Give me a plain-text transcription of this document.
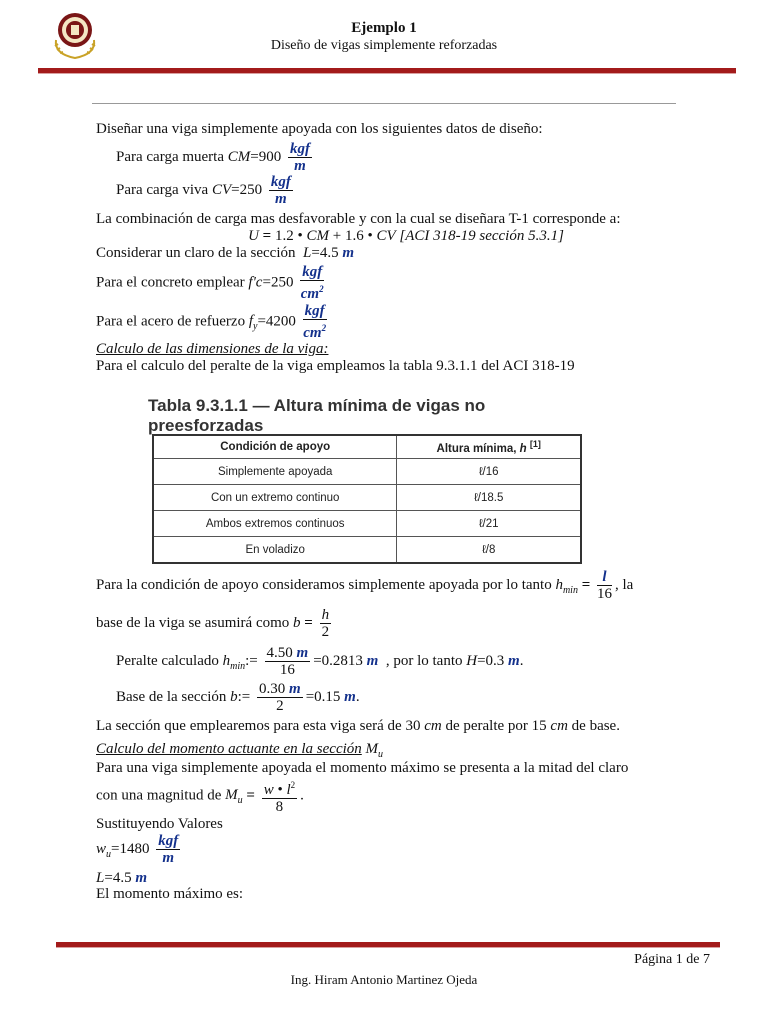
Ejemplo 1
Diseño de vigas simplemente reforzadas
Diseñar una viga simplemente apoyada con los siguientes datos de diseño:
Para carga muerta $CM=900 \frac{\text{kgf}}{m}$
Para carga viva $CV=250 \frac{\text{kgf}}{m}$
La combinación de carga mas desfavorable y con la cual se diseñara T-1 corresponde a:
U = 1.2 • CM + 1.6 • CV [ACI 318-19 sección 5.3.1]
Considerar un claro de la sección L=4.5 m
Para el concreto emplear $f'c=250 \frac{\text{kgf}}{cm^2}$
Para el acero de refuerzo $f_y=4200 \frac{\text{kgf}}{cm^2}$
Calculo de las dimensiones de la viga:
Para el calculo del peralte de la viga empleamos la tabla 9.3.1.1 del ACI 318-19
Tabla 9.3.1.1 — Altura mínima de vigas no
preesforzadas
Condición de apoyo	Altura mínima, h [1]
Simplemente apoyada	ℓ/16
Con un extremo continuo	ℓ/18.5
Ambos extremos continuos	ℓ/21
En voladizo	ℓ/8
Para la condición de apoyo consideramos simplemente apoyada por lo tanto $h_{min} = \frac{l}{16}$ , la
base de la viga se asumirá como $b = \frac{h}{2}$
Peralte calculado $h_{min}:= \frac{4.50 m}{16} =0.2813$ m , por lo tanto H=0.3 m.
Base de la sección b:= $\frac{0.30 m}{2} =0.15$ m.
La sección que emplearemos para esta viga será de 30 cm de peralte por 15 cm de base.
Calculo del momento actuante en la sección $M_u$
Para una viga simplemente apoyada el momento máximo se presenta a la mitad del claro
con una magnitud de $M_u = \frac{w • l^2}{8}$ .
Sustituyendo Valores
$w_u=1480 \frac{\text{kgf}}{m}$
L=4.5 m
El momento máximo es:
Página 1 de 7
Ing. Hiram Antonio Martinez Ojeda
